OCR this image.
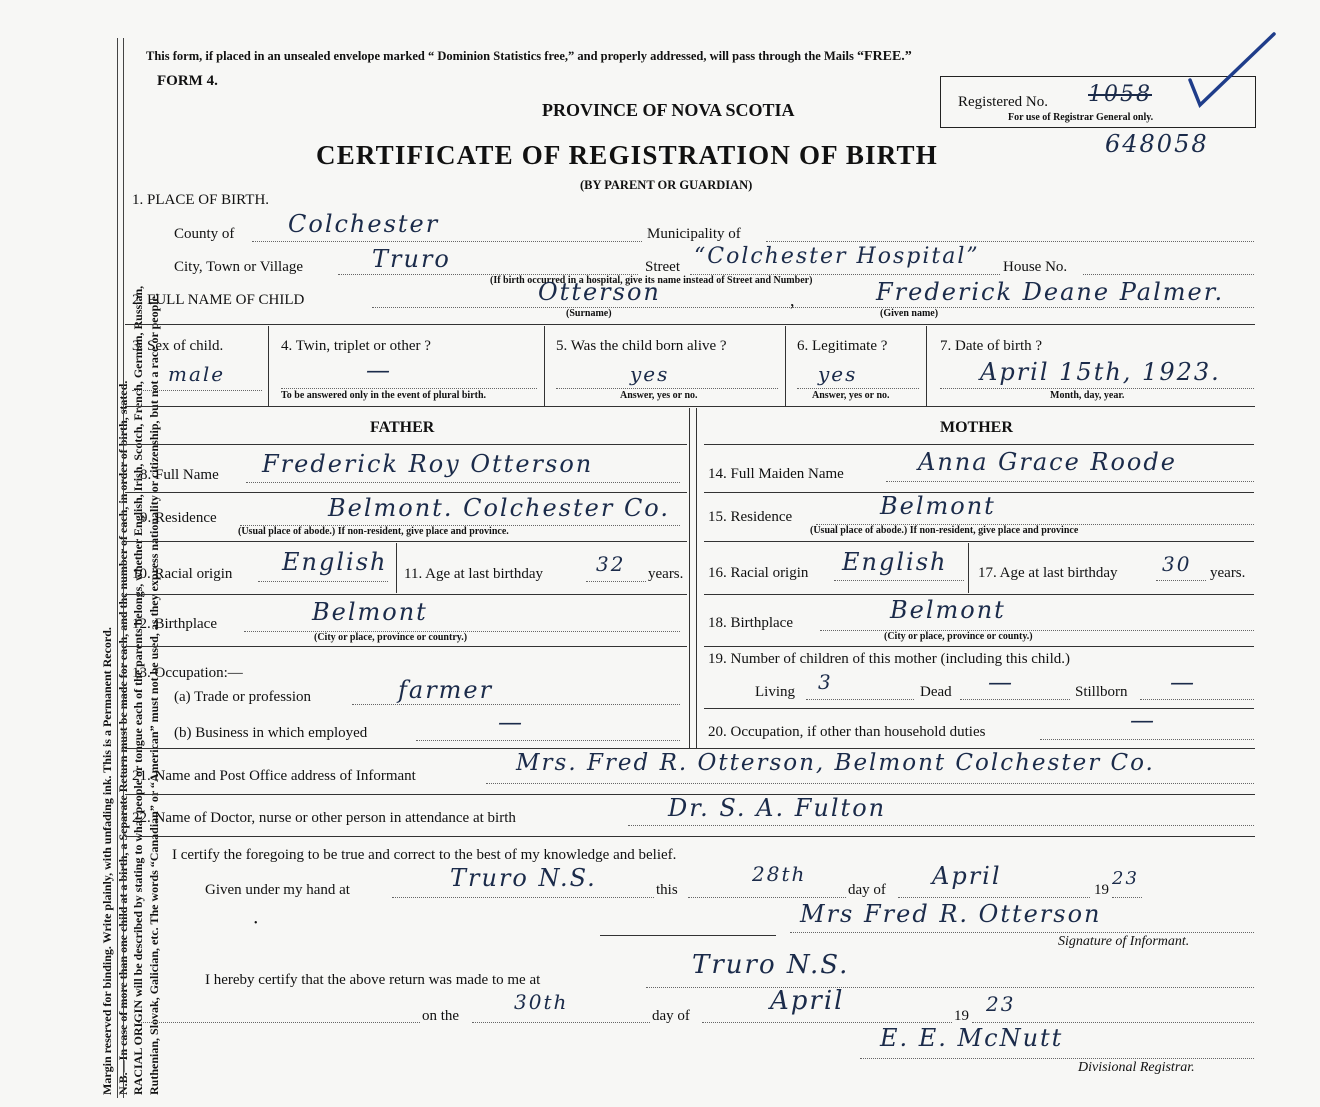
Margin reserved for binding. Write plainly, with unfading ink. This is a Permanent Record. N.B.—In case of more than one child at a birth, a Separate Return must be made for each, and the number of each, in order of birth, stated. RACIAL ORIGIN will be described by stating to what people or tongue each of the parents belongs, whether English, Irish, Scotch, French, German, Russian, Ruthenian, Slovak, Galician, etc. The words “Canadian” or “American” must not be used, as they express nationality or citizenship, but not a race or people.
This form, if placed in an unsealed envelope marked “ Dominion Statistics free,” and properly addressed, will pass through the Mails “FREE.”
FORM 4.
PROVINCE OF NOVA SCOTIA	Registered No. 1058
For use of Registrar General only.
648058
CERTIFICATE OF REGISTRATION OF BIRTH
(BY PARENT OR GUARDIAN)
1. PLACE OF BIRTH.
County of Colchester	Municipality of
City, Town or Village	Truro	Street “Colchester Hospital” House No.
(If birth occurred in a hospital, give its name instead of Street and Number)
2. FULL NAME OF CHILD	Otterson	,	Frederick Deane Palmer.
(Surname)	(Given name)
3. Sex of child.
male
4. Twin, triplet or other ?
—
To be answered only in the event of plural birth.
5. Was the child born alive ?
yes
Answer, yes or no.
6. Legitimate ?
yes
Answer, yes or no.
7. Date of birth ?
April 15th, 1923.
Month, day, year.
FATHER	MOTHER
8. Full Name Frederick Roy Otterson
9. Residence	Belmont. Colchester Co.
(Usual place of abode.) If non-resident, give place and province.
10. Racial origin English 11. Age at last birthday	32 years.
12. Birthplace	Belmont
(City or place, province or country.)
13. Occupation:—
(a) Trade or profession	farmer
(b) Business in which employed	—
14. Full Maiden Name	Anna Grace Roode
15. Residence	Belmont
(Usual place of abode.) If non-resident, give place and province
16. Racial origin English 17. Age at last birthday 30 years.
18. Birthplace	Belmont
(City or place, province or county.)
19. Number of children of this mother (including this child.)
Living 3	Dead —	Stillborn —
20. Occupation, if other than household duties	—
21. Name and Post Office address of Informant	Mrs. Fred R. Otterson, Belmont Colchester Co.
22. Name of Doctor, nurse or other person in attendance at birth	Dr. S. A. Fulton
I certify the foregoing to be true and correct to the best of my knowledge and belief.
Given under my hand at	Truro N.S.	this
28th
day of April	19
23
•	Mrs Fred R. Otterson
Signature of Informant.
I hereby certify that the above return was made to me at	Truro N.S.
on the
30th
day of	April	19 23
E. E. McNutt
Divisional Registrar.
